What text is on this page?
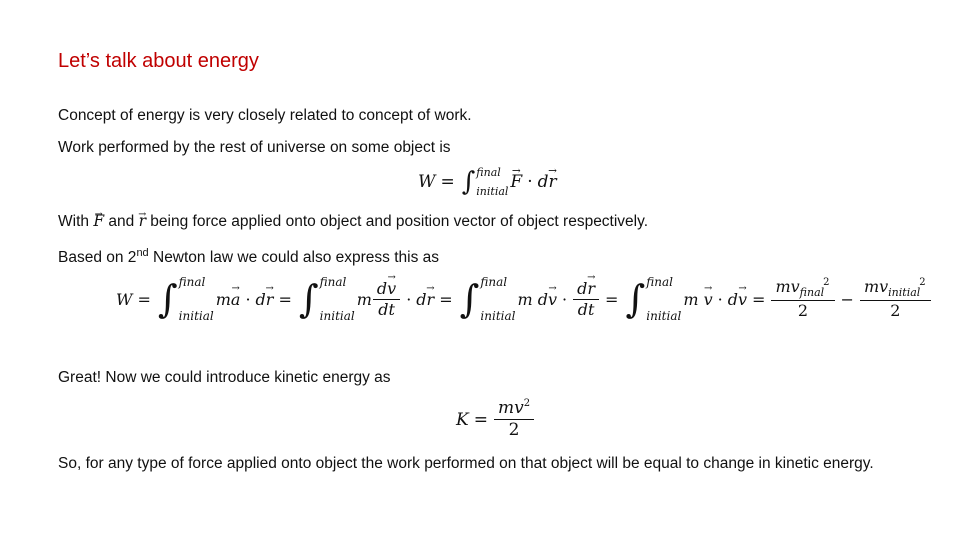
Let’s talk about energy
Concept of energy is very closely related to concept of work.
Work performed by the rest of universe on some object is
W = ∫ final
initial
→ F · d
→ r
With → F and → r being force applied onto object and position vector of object respectively.
Based on 2nd Newton law we could also express this as
W = ∫ final
initial
m
→ a · d
→ r = ∫ final
initial
m $\frac{d\to v}{dt} \cdot d$
→ r = ∫ final
initial
m
d
→ $v \cdot \frac{d\to r}{dt}$ = ∫ final
initial
m

→ v · d
→ $v = \frac{mv_{final}^2}{2} - \frac{mv_{initial}^2}{2}$
Great! Now we could introduce kinetic energy as
$K = \frac{mv^2}{2}$
So, for any type of force applied onto object the work performed on that object will be equal to change in kinetic energy.
